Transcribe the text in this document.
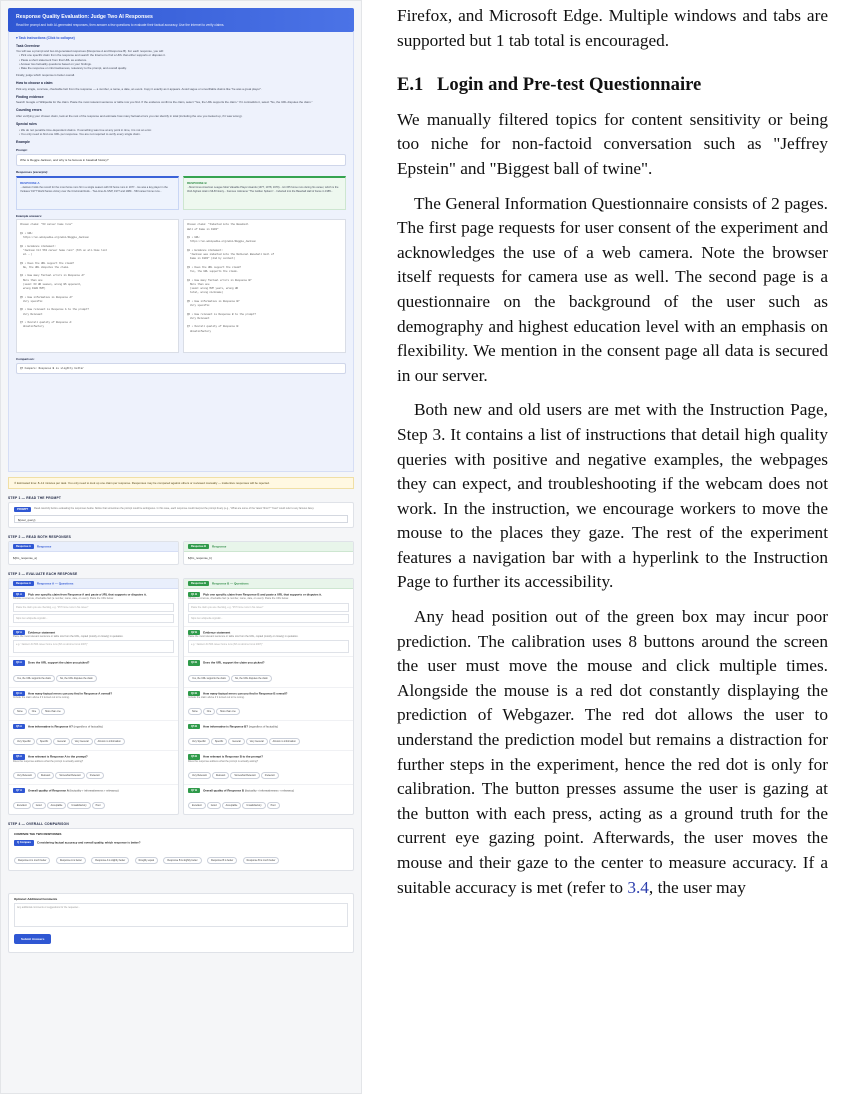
Response Quality Evaluation: Judge Two AI Responses
Read the prompt and both AI-generated responses, then answer a few questions to evaluate their factual accuracy. Use the internet to verify claims.
▾ Task Instructions (Click to collapse)
Task Overview
You will see a prompt and two AI-generated responses (Response A and Response B). For each response, you will:
• Pick one specific claim from the response and search the Internet to find a URL that either supports or disputes it.
• Paste a short statement from that URL as evidence.
• Answer two factuality questions based on your findings.
• Rate the response on informativeness, relevancy to the prompt, and overall quality.
Finally, judge which response is better overall.
How to choose a claim
Pick any single, concrete, checkable fact from the response — a number, a name, a date, an event. Copy it exactly as it appears. Avoid vague or unverifiable claims like "he was a great player".
Finding evidence
Search Google or Wikipedia for the claim. Paste the most relevant sentence or table row you find. If the evidence confirms the claim, select "Yes, the URL supports the claim." If it contradicts it, select "No, the URL disputes the claim."
Counting errors
After verifying your chosen claim, look at the rest of the response and estimate how many factual errors you can identify in total (including the one you looked up, if it was wrong).
Special rules
• We do not penalize time-dependent claims. If something was true at any point in time, it is not an error.
• You only need to find one URL per response. You are not required to verify every single claim.
Example
Prompt:
Who is Reggie Jackson, and why is he famous in baseball history?
Responses (excerpts):
RESPONSE A
...Jackson holds the record for the most home runs hit in a single season with 63 home runs in 1977... He was a key player in the Yankees' 1977 World Series victory over the Cincinnati Reds... Two-time AL MVP, 1977 and 1980... 563 career home runs...
RESPONSE B
...Most times American League Most Valuable Player Awards (1977, 1978, 1979)... Hit 155 home runs during his career, which is the third-highest total in MLB history... Famous nickname "The Golden Spikers"... Inducted into the Baseball Hall of Fame in 1985...
Example answers:
Chosen claim: "63 career home runs"

Q1 • URL:
https://en.wikipedia.org/wiki/Reggie_Jackson

Q2 • Evidence statement:
"Jackson hit 563 career home runs" (6th on all-time list
at...)

Q3 • Does the URL support the claim?
No, the URL disputes the claim.

Q4 • How many factual errors in Response A?
More than one
(said: 63 HR season, wrong WS opponent,
wrong 1980 MVP)

Q5 • How informative is Response A?
Very specific

Q6 • How relevant is Response A to the prompt?
Very Relevant

Q7 • Overall quality of Response A:
Unsatisfactory
Chosen claim: "Inducted into the Baseball
Hall of Fame in 1993"

Q1 • URL:
https://en.wikipedia.org/wiki/Reggie_Jackson

Q2 • Evidence statement:
"Jackson was inducted into the National Baseball Hall of
Fame in 1993" (2nd by content)

Q3 • Does the URL support the claim?
Yes, the URL supports the claim.

Q4 • How many factual errors in Response B?
More than one
(said: wrong MVP years, wrong HR
total, wrong nickname)

Q5 • How informative is Response B?
Very specific

Q6 • How relevant is Response B to the prompt?
Very Relevant

Q7 • Overall quality of Response B:
Unsatisfactory
Comparison:
Q7 Compare: Response B is slightly better
⏱ Estimated time: 8–12 minutes per task. You only need to look up one claim per response. Responses may be compared against others or reviewed manually — inattentive responses will be rejected.
STEP 1 — READ THE PROMPT
PROMPT	Read carefully before evaluating the responses below. Notice that sometimes the prompt could be ambiguous. In this case, each response could interpret the prompt freely (e.g., "What are some of the 'latest' films?" "Cast" could refer to any famous face).
${user_query}
STEP 2 — READ BOTH RESPONSES
Response A Response
${llm_response_a}
Response B Response
${llm_response_b}
STEP 3 — EVALUATE EACH RESPONSE
Response A Response A — Questions
Q1 A Pick one specific claim from Response A and paste a URL that supports or disputes it.
Choose a concrete, checkable fact (a number, name, date, or event). Paste the URL below.
Paste the claim you are checking, e.g. "457 home runs in his career"
https://en.wikipedia.org/wiki/...
Q2 A Evidence statement
Paste the most relevant sentence or table row from the URL, copied (mostly or closely) in quotation.
e.g. "Jackson hit 563 career home runs (6th on all-time list at 2007)"
Q3 A Does the URL support the claim you picked?
Yes, the URL supports the claim	No, the URL disputes the claim
Q4 A How many factual errors can you find in Response A overall?
Include the claim above if it turned out to be wrong.
None	One	More than one
Q5 A How informative is Response A? (regardless of factuality)
Very Specific	Specific	General	Very General	Almost no information
Q6 A How relevant is Response A to the prompt?
Does the response address what the prompt is actually asking?
Very Relevant	Relevant	Somewhat Relevant	Irrelevant
Q7 A Overall quality of Response A (factuality + informativeness + relevancy)
Excellent	Good	Acceptable	Unsatisfactory	Poor
Response B Response B — Questions
Q1 B Pick one specific claim from Response B and paste a URL that supports or disputes it.
Choose a concrete, checkable fact (a number, name, date, or event). Paste the URL below.
Paste the claim you are checking, e.g. "457 home runs in his career"
https://en.wikipedia.org/wiki/...
Q2 B Evidence statement
Paste the most relevant sentence or table row from the URL, copied (mostly or closely) in quotation.
e.g. "Jackson hit 563 career home runs (6th on all-time list at 2007)"
Q3 B Does the URL support the claim you picked?
Yes, the URL supports the claim	No, the URL disputes the claim
Q4 B How many factual errors can you find in Response B overall?
Include the claim above if it turned out to be wrong.
None	One	More than one
Q5 B How informative is Response B? (regardless of factuality)
Very Specific	Specific	General	Very General	Almost no information
Q6 B How relevant is Response B to the prompt?
Does the response address what the prompt is actually asking?
Very Relevant	Relevant	Somewhat Relevant	Irrelevant
Q7 B Overall quality of Response B (factuality + informativeness + relevancy)
Excellent	Good	Acceptable	Unsatisfactory	Poor
STEP 4 — OVERALL COMPARISON
COMPARE THE TWO RESPONSES
Q Compare Considering factual accuracy and overall quality, which response is better?
Response A is much better	Response A is better	Response A is slightly better	Roughly equal	Response B is slightly better	Response B is better	Response B is much better
Optional: Additional Comments
Any additional comments or suggestions for the requester...
Submit Answers

Firefox, and Microsoft Edge. Multiple windows and tabs are supported but 1 tab total is encouraged.

E.1 Login and Pre-test Questionnaire

We manually filtered topics for content sensitivity or being too niche for non-factoid conversation such as "Jeffrey Epstein" and "Biggest ball of twine".

The General Information Questionnaire consists of 2 pages. The first page requests for user consent of the experiment and acknowledges the use of a web camera. Note the browser itself requests for camera use as well. The second page is a questionnaire on the background of the user such as demography and highest education level with an emphasis on flexibility. We mention in the consent page all data is secured in our server.

Both new and old users are met with the Instruction Page, Step 3. It contains a list of instructions that detail high quality queries with positive and negative examples, the webpages they can expect, and troubleshooting if the webcam does not work. In the instruction, we encourage workers to move the mouse to the places they gaze. The rest of the experiment features a navigation bar with a hyperlink to the Instruction Page to further its accessibility.

Any head position out of the green box may incur poor prediction. The calibration uses 8 buttons around the screen the user must move the mouse and click multiple times. Alongside the mouse is a red dot constantly displaying the prediction of Webgazer. The red dot allows the user to understand the prediction model but remains a distraction for further steps in the experiment, hence the red dot is only for calibration. The button presses assume the user is gazing at the button with each press, acting as a ground truth for the current eye gazing point. Afterwards, the user moves the mouse and their gaze to the center to measure accuracy. If a suitable accuracy is met (refer to 3.4, the user may
